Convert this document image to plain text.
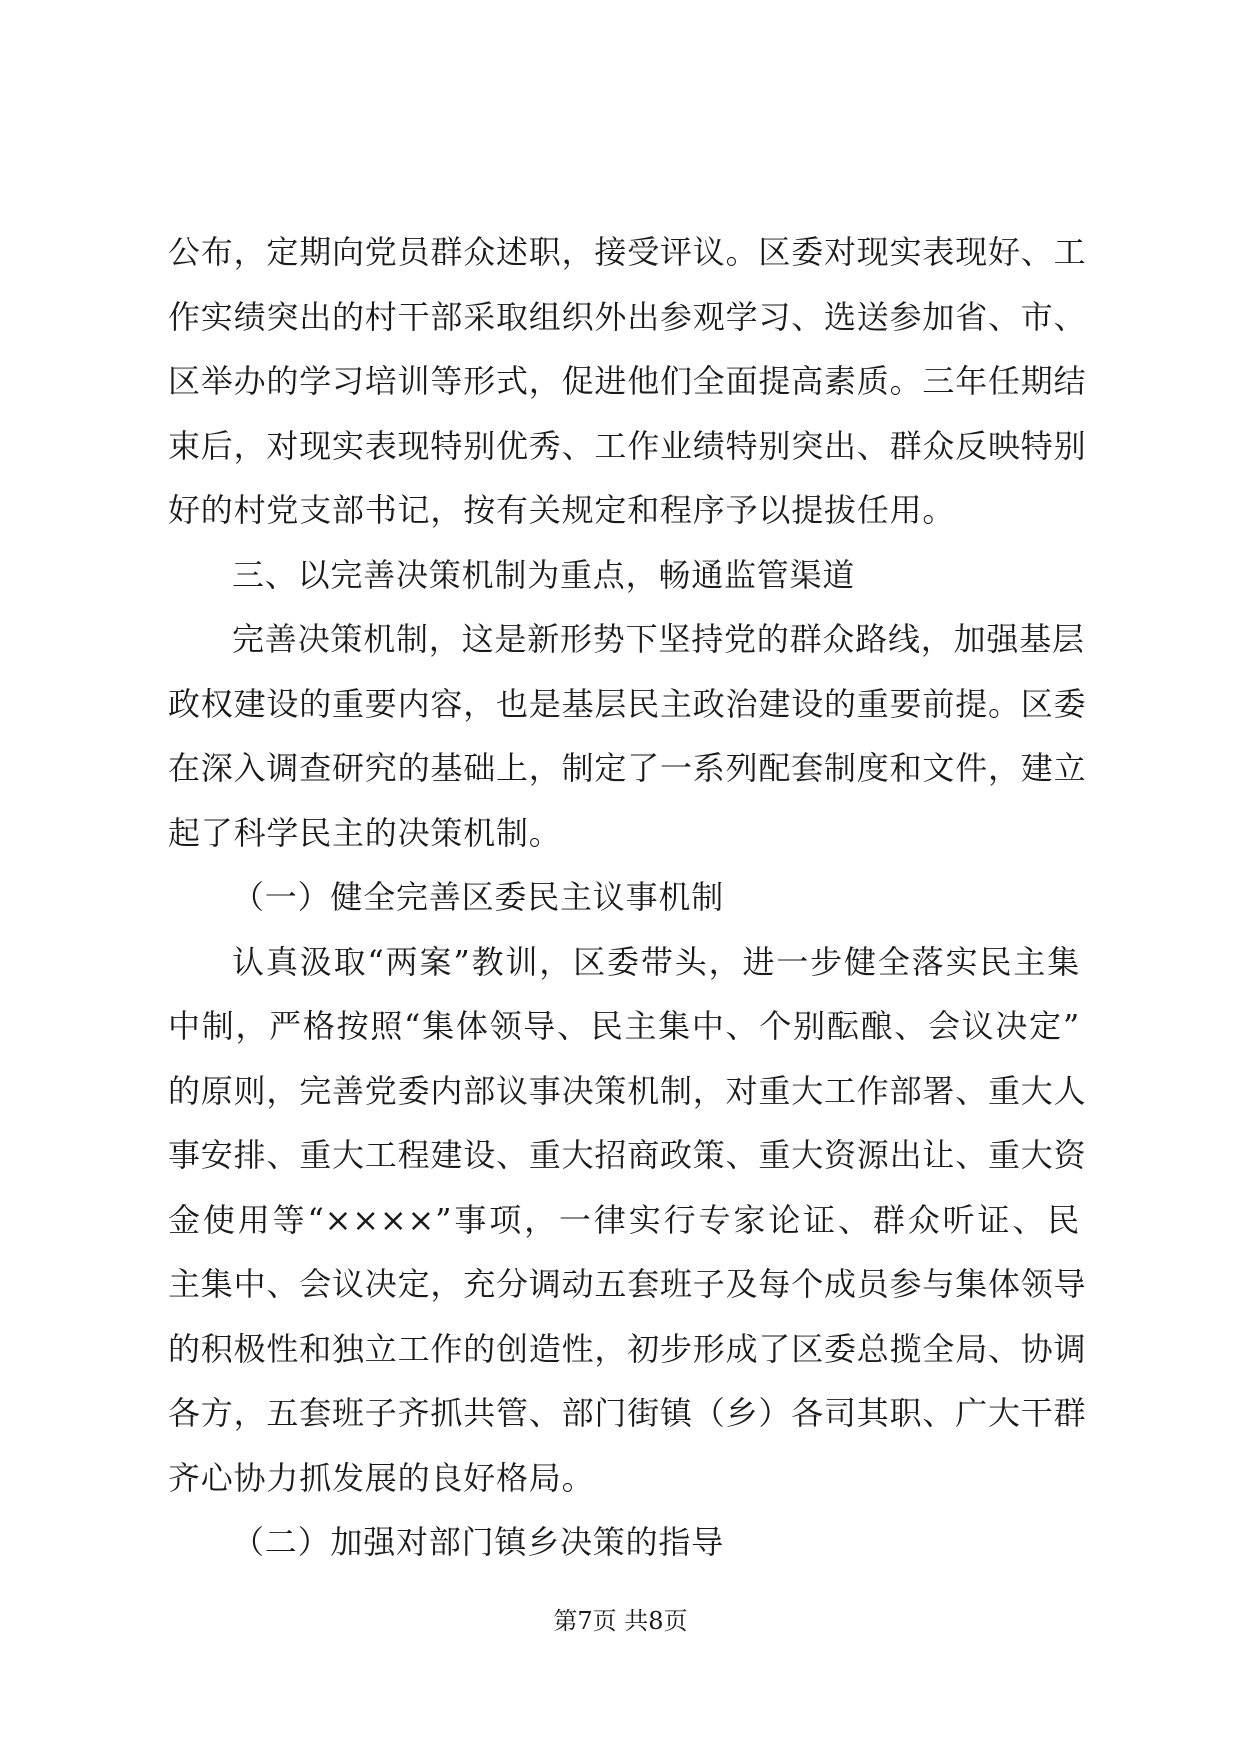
公布，定期向党员群众述职，接受评议。区委对现实表现好、工
作实绩突出的村干部采取组织外出参观学习、选送参加省、市、
区举办的学习培训等形式，促进他们全面提高素质。三年任期结
束后，对现实表现特别优秀、工作业绩特别突出、群众反映特别
好的村党支部书记，按有关规定和程序予以提拔任用。
三、以完善决策机制为重点，畅通监管渠道
完善决策机制，这是新形势下坚持党的群众路线，加强基层
政权建设的重要内容，也是基层民主政治建设的重要前提。区委
在深入调查研究的基础上，制定了一系列配套制度和文件，建立
起了科学民主的决策机制。
（一）健全完善区委民主议事机制
认真汲取“两案”教训，区委带头，进一步健全落实民主集
中制，严格按照“集体领导、民主集中、个别酝酿、会议决定”
的原则，完善党委内部议事决策机制，对重大工作部署、重大人
事安排、重大工程建设、重大招商政策、重大资源出让、重大资
金使用等“××××”事项，一律实行专家论证、群众听证、民
主集中、会议决定，充分调动五套班子及每个成员参与集体领导
的积极性和独立工作的创造性，初步形成了区委总揽全局、协调
各方，五套班子齐抓共管、部门街镇（乡）各司其职、广大干群
齐心协力抓发展的良好格局。
（二）加强对部门镇乡决策的指导
第7页 共8页
